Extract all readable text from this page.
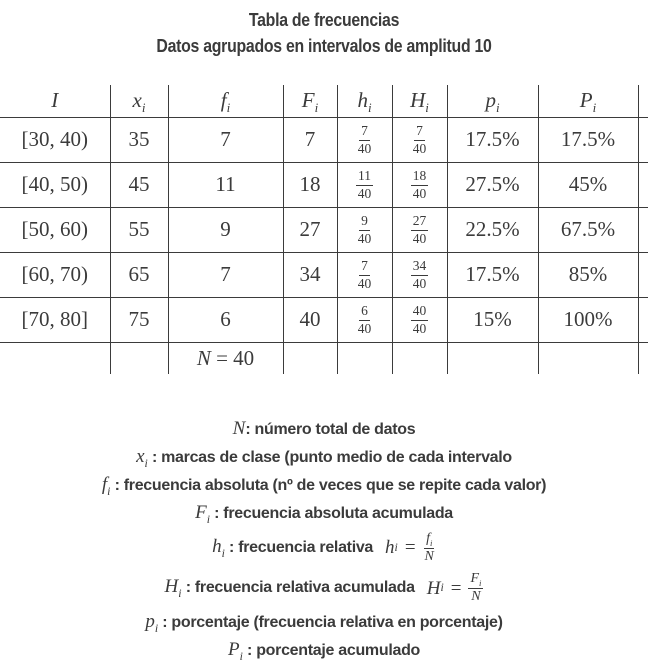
Tabla de frecuencias
Datos agrupados en intervalos de amplitud 10
I	$x_i$	$f_i$	$F_i$	$h_i$	$H_i$	$p_i$	$P_i$	
[30, 40)	35	7	7	$\frac{7}{40}$	$\frac{7}{40}$	17.5%	17.5%	
[40, 50)	45	11	18	$\frac{11}{40}$	$\frac{18}{40}$	27.5%	45%	
[50, 60)	55	9	27	$\frac{9}{40}$	$\frac{27}{40}$	22.5%	67.5%	
[60, 70)	65	7	34	$\frac{7}{40}$	$\frac{34}{40}$	17.5%	85%	
[70, 80]	75	6	40	$\frac{6}{40}$	$\frac{40}{40}$	15%	100%	
		N = 40						
N: número total de datos
$x_i$ : marcas de clase (punto medio de cada intervalo
$f_i$ : frecuencia absoluta (nº de veces que se repite cada valor)
$F_i$ : frecuencia absoluta acumulada
$h_i$ : frecuencia relativa h $i = \frac{f_i}{N}$
$H_i$ : frecuencia relativa acumulada H $i = \frac{F_i}{N}$
$p_i$ : porcentaje (frecuencia relativa en porcentaje)
$P_i$ : porcentaje acumulado
